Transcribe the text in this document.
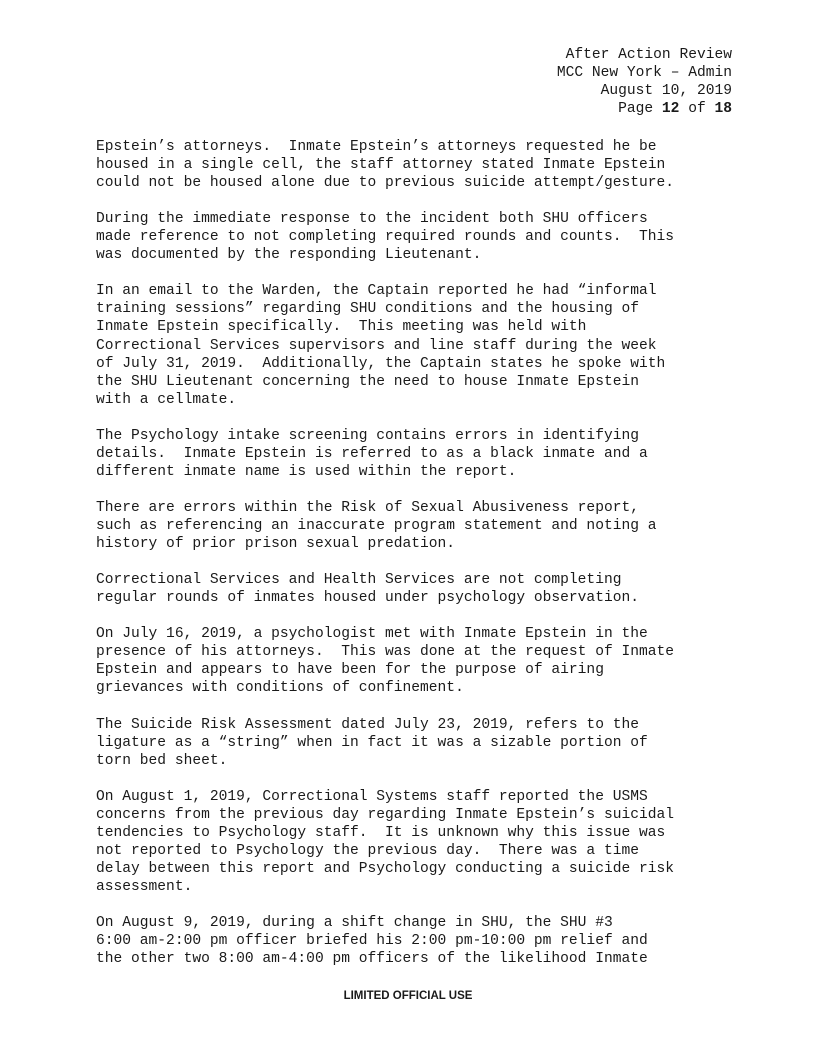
After Action Review
MCC New York – Admin
August 10, 2019
Page 12 of 18

Epstein’s attorneys.  Inmate Epstein’s attorneys requested he be
housed in a single cell, the staff attorney stated Inmate Epstein
could not be housed alone due to previous suicide attempt/gesture.

During the immediate response to the incident both SHU officers
made reference to not completing required rounds and counts.  This
was documented by the responding Lieutenant.

In an email to the Warden, the Captain reported he had “informal
training sessions” regarding SHU conditions and the housing of
Inmate Epstein specifically.  This meeting was held with
Correctional Services supervisors and line staff during the week
of July 31, 2019.  Additionally, the Captain states he spoke with
the SHU Lieutenant concerning the need to house Inmate Epstein
with a cellmate.

The Psychology intake screening contains errors in identifying
details.  Inmate Epstein is referred to as a black inmate and a
different inmate name is used within the report.

There are errors within the Risk of Sexual Abusiveness report,
such as referencing an inaccurate program statement and noting a
history of prior prison sexual predation.

Correctional Services and Health Services are not completing
regular rounds of inmates housed under psychology observation.

On July 16, 2019, a psychologist met with Inmate Epstein in the
presence of his attorneys.  This was done at the request of Inmate
Epstein and appears to have been for the purpose of airing
grievances with conditions of confinement.

The Suicide Risk Assessment dated July 23, 2019, refers to the
ligature as a “string” when in fact it was a sizable portion of
torn bed sheet.

On August 1, 2019, Correctional Systems staff reported the USMS
concerns from the previous day regarding Inmate Epstein’s suicidal
tendencies to Psychology staff.  It is unknown why this issue was
not reported to Psychology the previous day.  There was a time
delay between this report and Psychology conducting a suicide risk
assessment.

On August 9, 2019, during a shift change in SHU, the SHU #3
6:00 am-2:00 pm officer briefed his 2:00 pm-10:00 pm relief and
the other two 8:00 am-4:00 pm officers of the likelihood Inmate

LIMITED OFFICIAL USE
